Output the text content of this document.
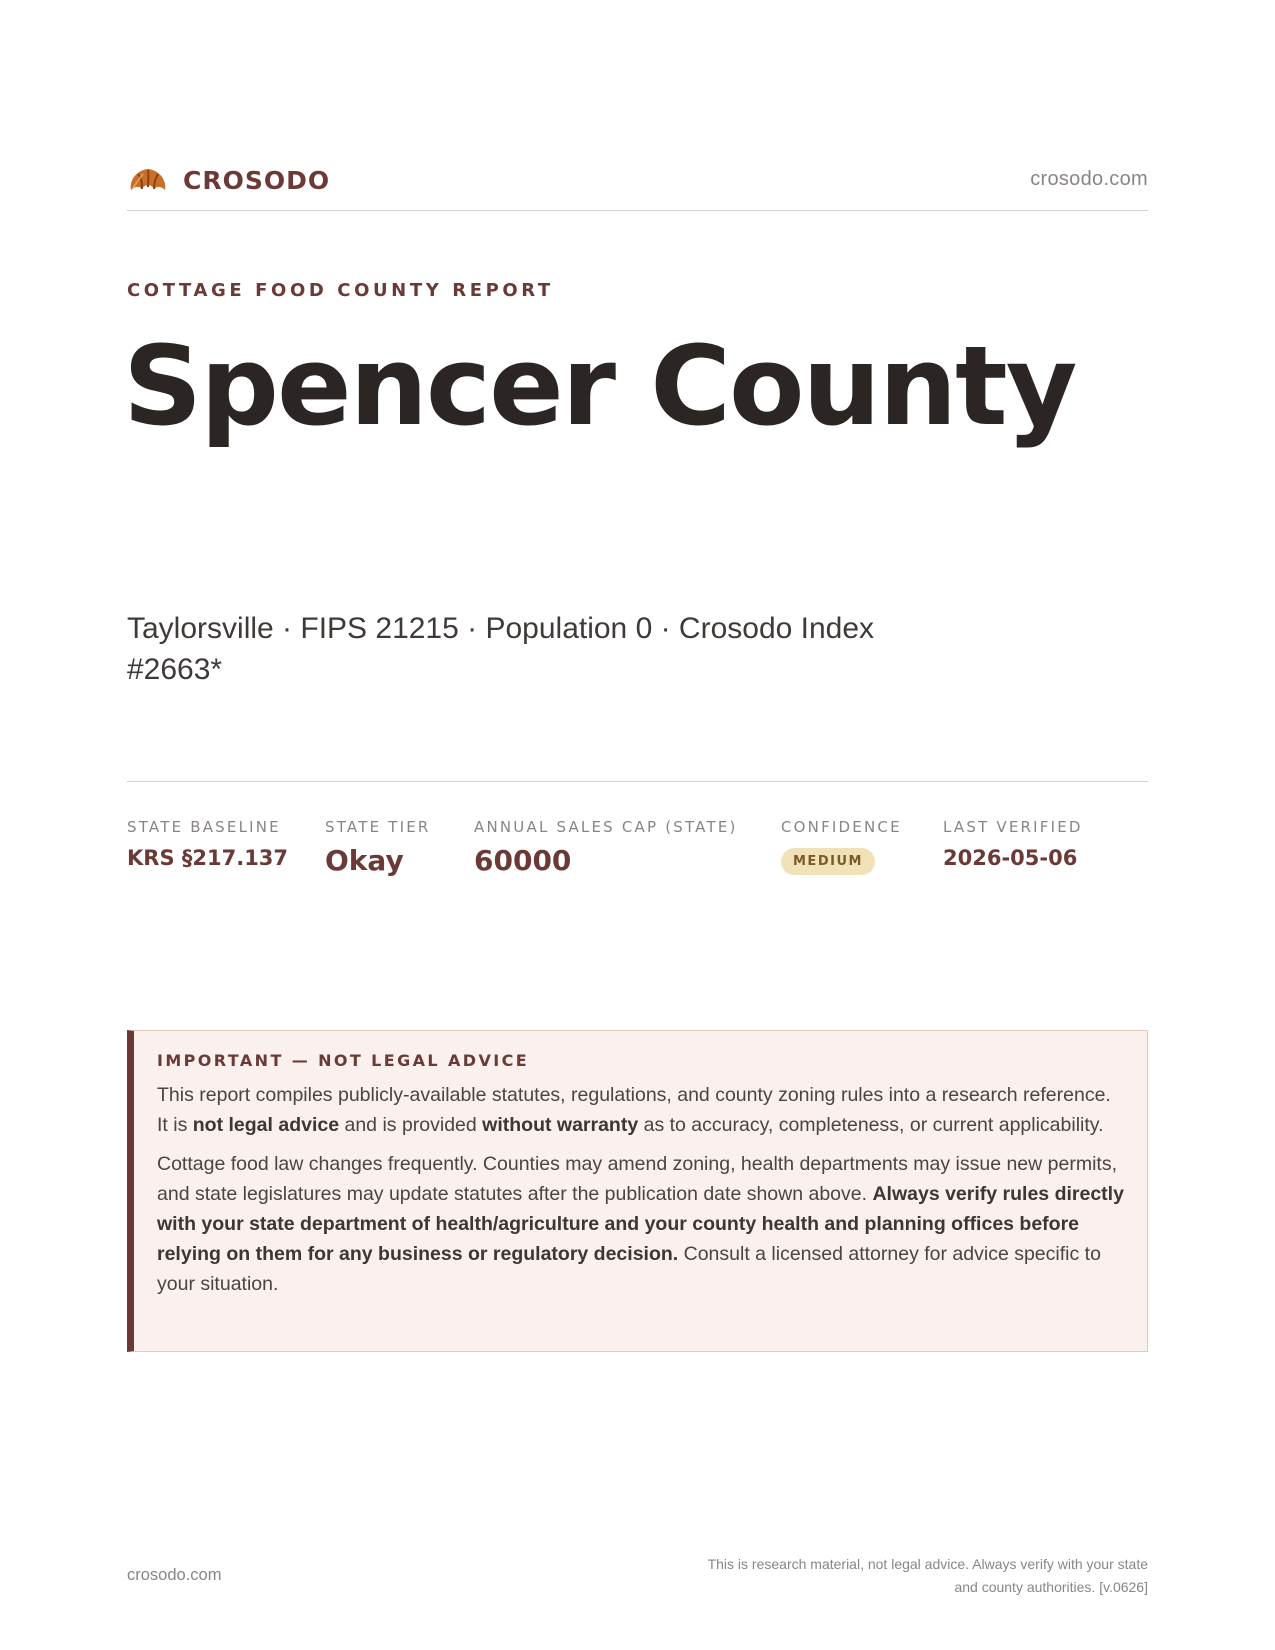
CROSODO	crosodo.com
COTTAGE FOOD COUNTY REPORT
Spencer County
Taylorsville · FIPS 21215 · Population 0 · Crosodo Index #2663*
STATE BASELINE
KRS §217.137
STATE TIER
Okay
ANNUAL SALES CAP (STATE)
60000
CONFIDENCE
MEDIUM
LAST VERIFIED
2026-05-06
IMPORTANT — NOT LEGAL ADVICE

This report compiles publicly-available statutes, regulations, and county zoning rules into a research reference. It is not legal advice and is provided without warranty as to accuracy, completeness, or current applicability.

Cottage food law changes frequently. Counties may amend zoning, health departments may issue new permits, and state legislatures may update statutes after the publication date shown above. Always verify rules directly with your state department of health/agriculture and your county health and planning offices before relying on them for any business or regulatory decision. Consult a licensed attorney for advice specific to your situation.

crosodo.com
This is research material, not legal advice. Always verify with your state
and county authorities. [v.0626]
